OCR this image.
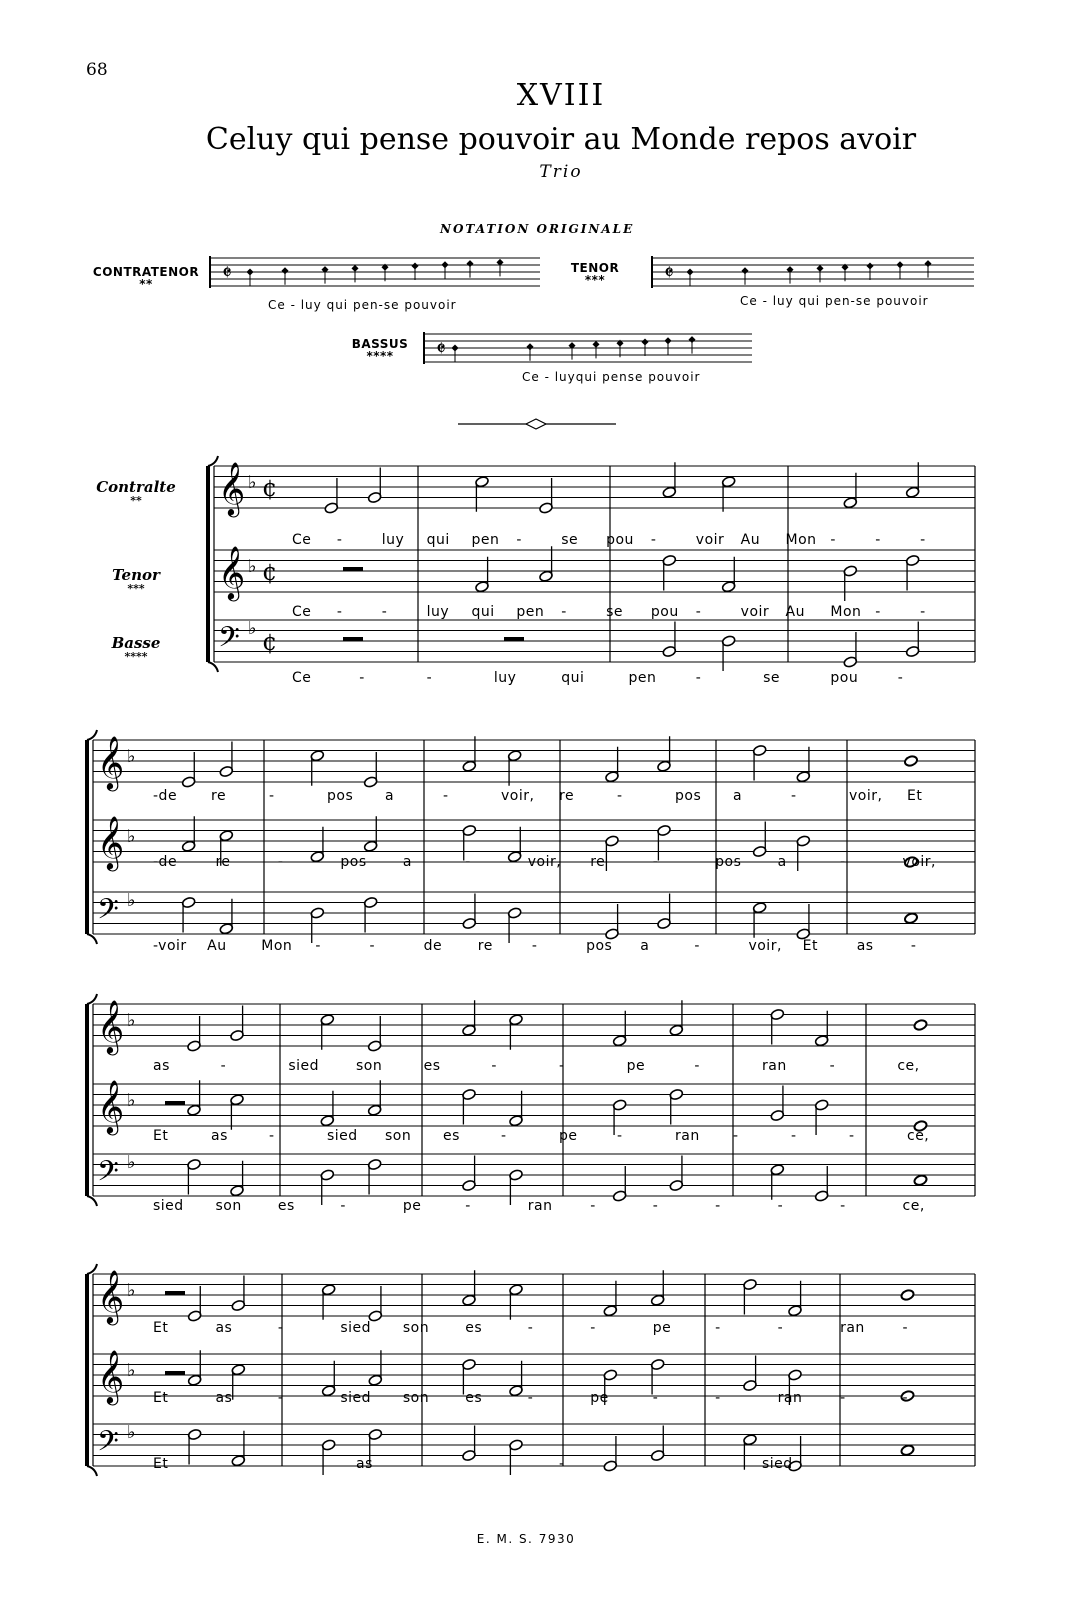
68
XVIII
Celuy qui pense pouvoir au Monde repos avoir
Trio
NOTATION ORIGINALE
CONTRATENOR
**
TENOR
***
BASSUS
****
Ce - luy qui pen-se pouvoir	Ce - luy qui pen-se pouvoir
Ce - luyqui pense pouvoir
Contralte
**
Tenor
***
Basse
****
𝄵	𝄵
𝄵
𝄞 ♭ ¢
𝄞 ♭ ¢
𝄢 ♭ ¢
𝄞 ♭
𝄞 ♭
𝄢 ♭
𝄞 ♭
𝄞 ♭
𝄢 ♭
𝄞 ♭
𝄞 ♭
𝄢 ♭
Ce -	luy qui pen -	se pou -	voir Au Mon -	-	-
Ce -	-	luy qui pen -	se pou -	voir Au Mon -	-
Ce	-	-	luy	qui	pen	-	se	pou	-
-de re	-	pos a	-	voir, re	-	pos a	-	voir, Et
-de	re	-	pos	a	-	voir, re	-	pos	a	-	voir,
-voir Au Mon -	-	de	re	-	pos a	-	voir, Et	as	-
as	-	sied	son	es	-	-	pe	-	ran	-	ce,
Et	as	-	sied son es	-	pe	-	ran -	-	-	ce,
sied son	es	-	pe	-	ran	-	-	-	-	-	ce,
Et	as	-	sied son	es	-	-	pe	-	-	ran	-
Et	as	-	sied son	es	-	pe	-	-	ran	-	-
Et	as	-	sied
E. M. S. 7930
